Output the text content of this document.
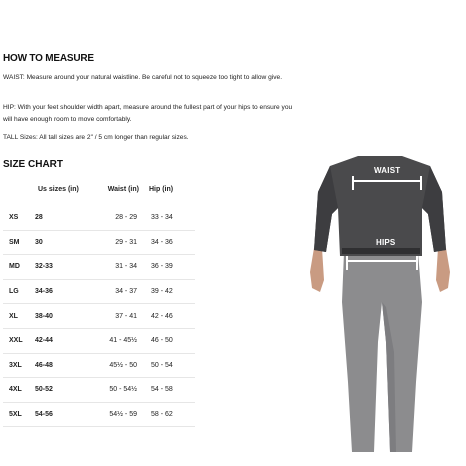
HOW TO MEASURE
WAIST: Measure around your natural waistline. Be careful not to squeeze too tight to allow give.
HIP: With your feet shoulder width apart, measure around the fullest part of your hips to ensure you will have enough room to move comfortably.
TALL Sizes: All tall sizes are 2" / 5 cm longer than regular sizes.
SIZE CHART
	Us sizes (in)	Waist (in)	Hip (in)
XS	28	28 - 29	33 - 34
SM	30	29 - 31	34 - 36
MD	32-33	31 - 34	36 - 39
LG	34-36	34 - 37	39 - 42
XL	38-40	37 - 41	42 - 46
XXL	42-44	41 - 45½	46 - 50
3XL	46-48	45½ - 50	50 - 54
4XL	50-52	50 - 54½	54 - 58
5XL	54-56	54½ - 59	58 - 62
WAIST
HIPS
